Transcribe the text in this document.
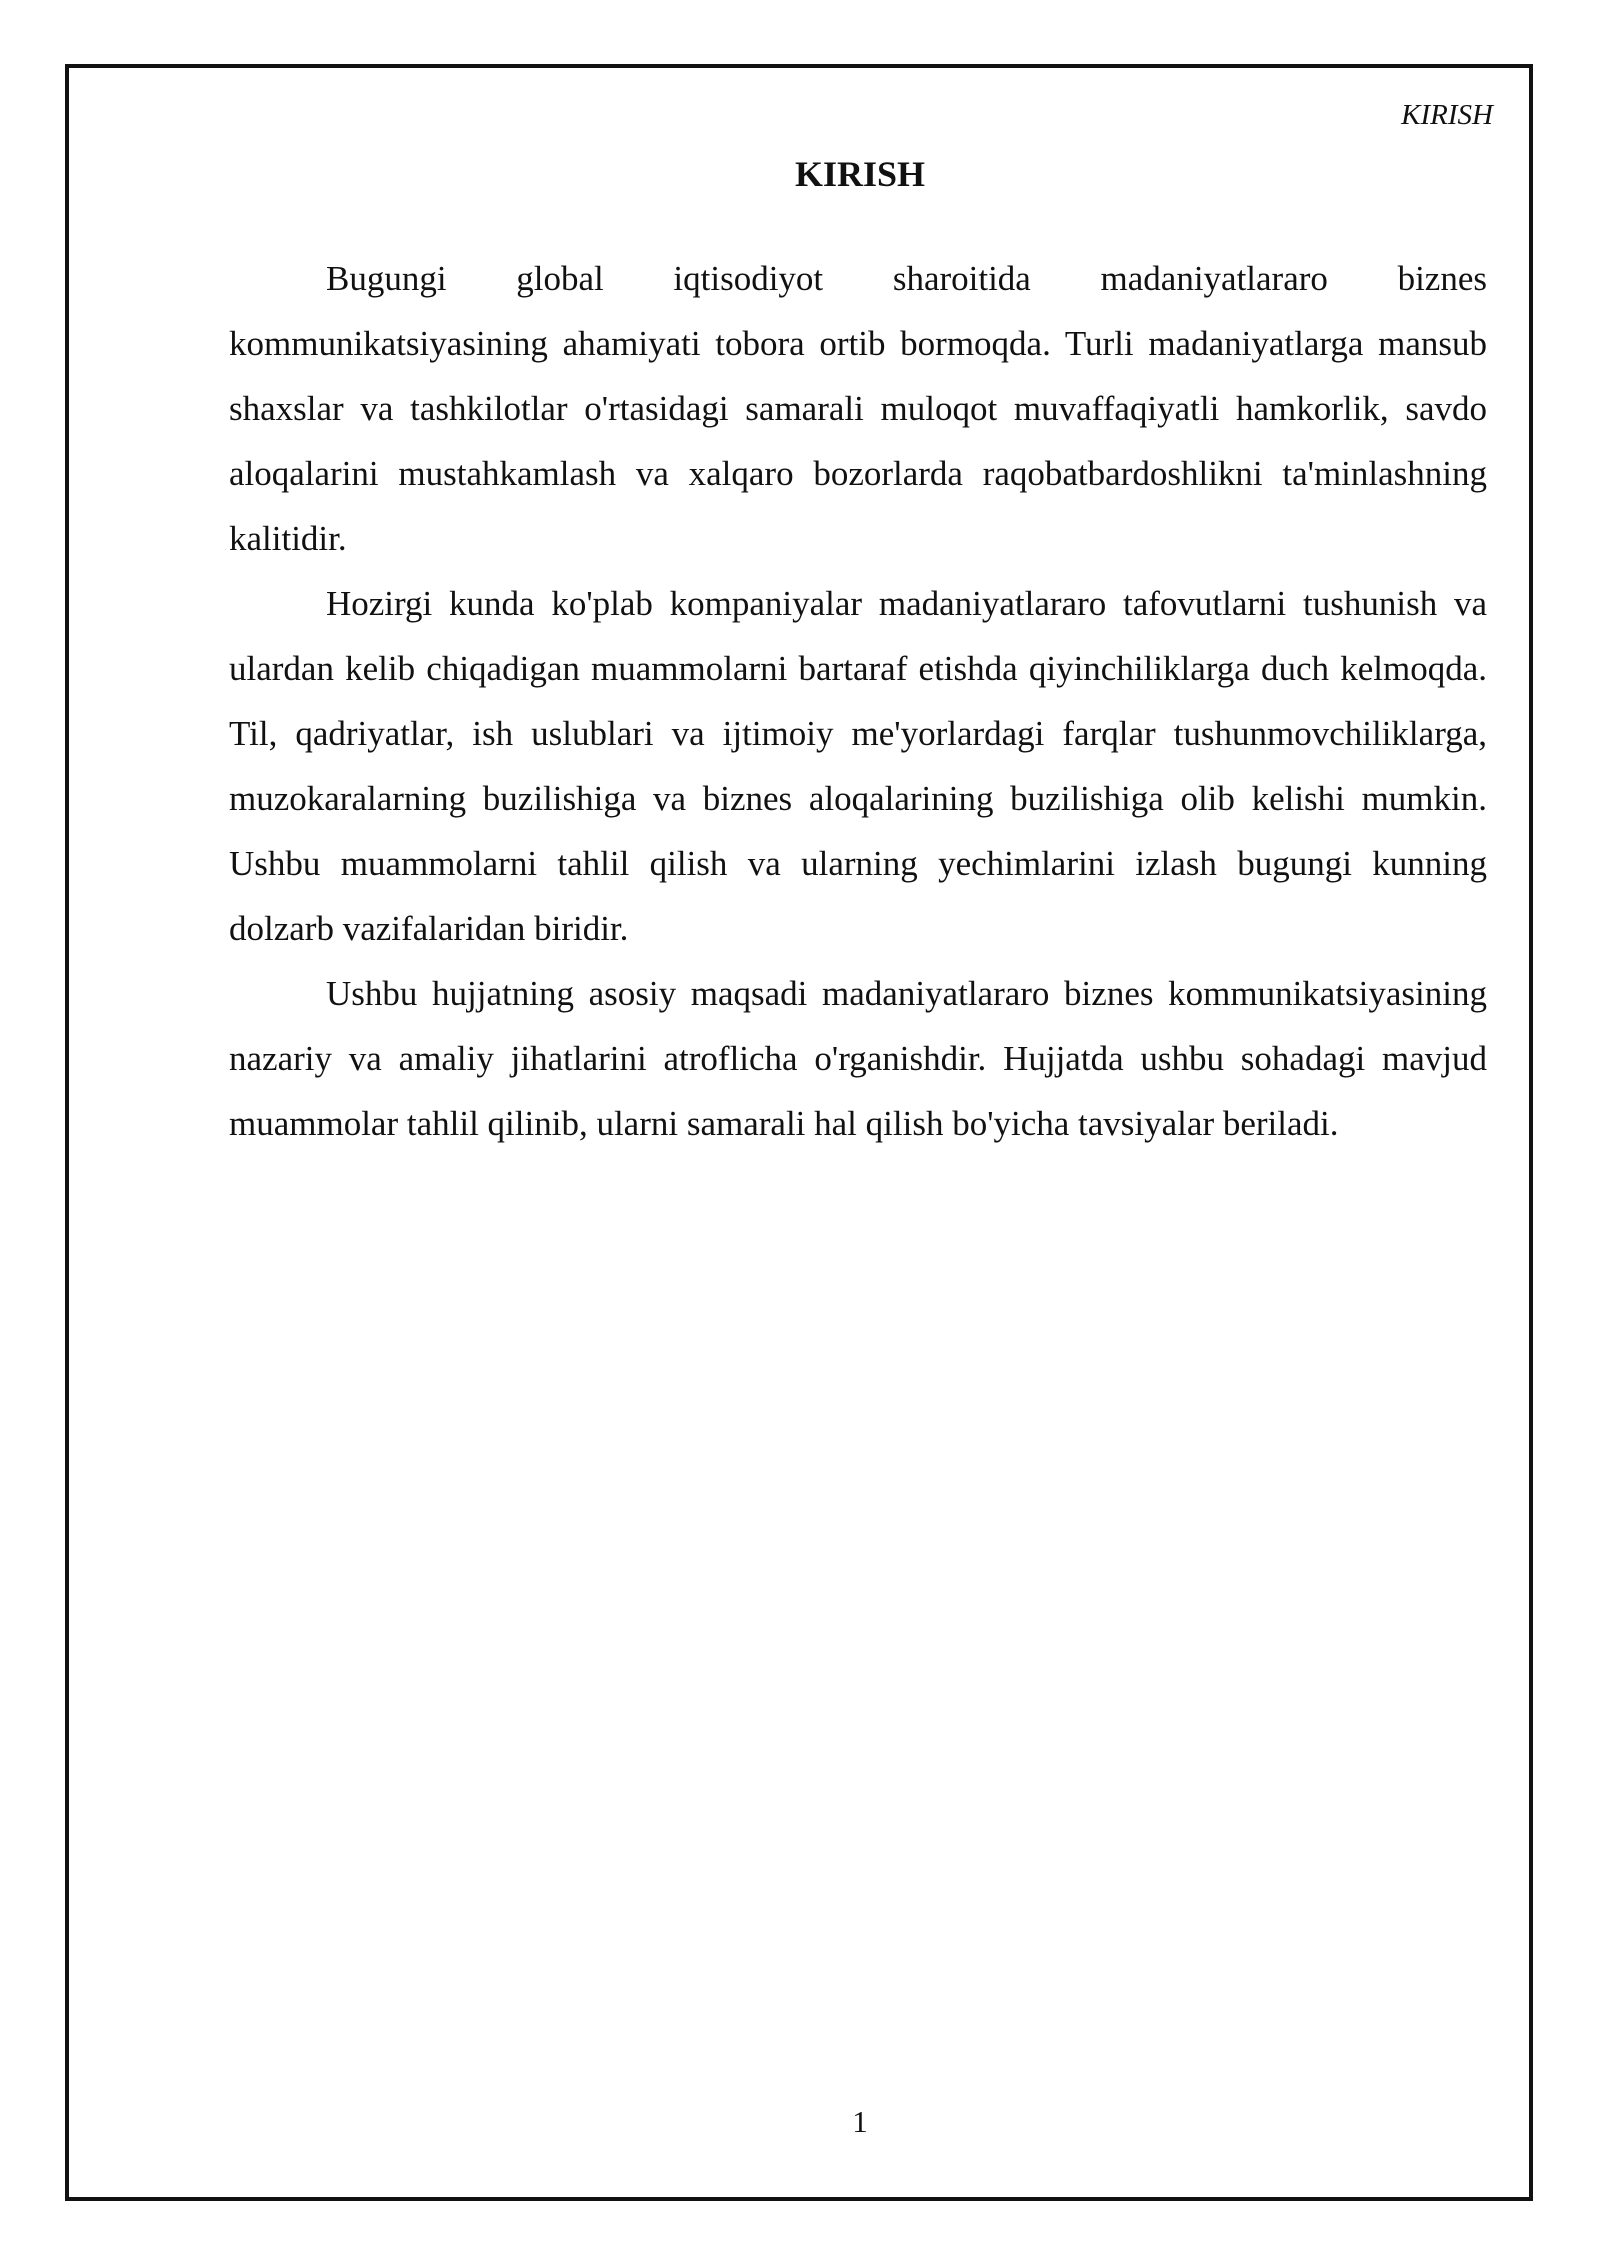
KIRISH
KIRISH

Bugungi global iqtisodiyot sharoitida madaniyatlararo biznes kommunikatsiyasining ahamiyati tobora ortib bormoqda. Turli madaniyatlarga mansub shaxslar va tashkilotlar o'rtasidagi samarali muloqot muvaffaqiyatli hamkorlik, savdo aloqalarini mustahkamlash va xalqaro bozorlarda raqobatbardoshlikni ta'minlashning kalitidir.

Hozirgi kunda ko'plab kompaniyalar madaniyatlararo tafovutlarni tushunish va ulardan kelib chiqadigan muammolarni bartaraf etishda qiyinchiliklarga duch kelmoqda. Til, qadriyatlar, ish uslublari va ijtimoiy me'yorlardagi farqlar tushunmovchiliklarga, muzokaralarning buzilishiga va biznes aloqalarining buzilishiga olib kelishi mumkin. Ushbu muammolarni tahlil qilish va ularning yechimlarini izlash bugungi kunning dolzarb vazifalaridan biridir.

Ushbu hujjatning asosiy maqsadi madaniyatlararo biznes kommunikatsiyasining nazariy va amaliy jihatlarini atroflicha o'rganishdir. Hujjatda ushbu sohadagi mavjud muammolar tahlil qilinib, ularni samarali hal qilish bo'yicha tavsiyalar beriladi.

1
